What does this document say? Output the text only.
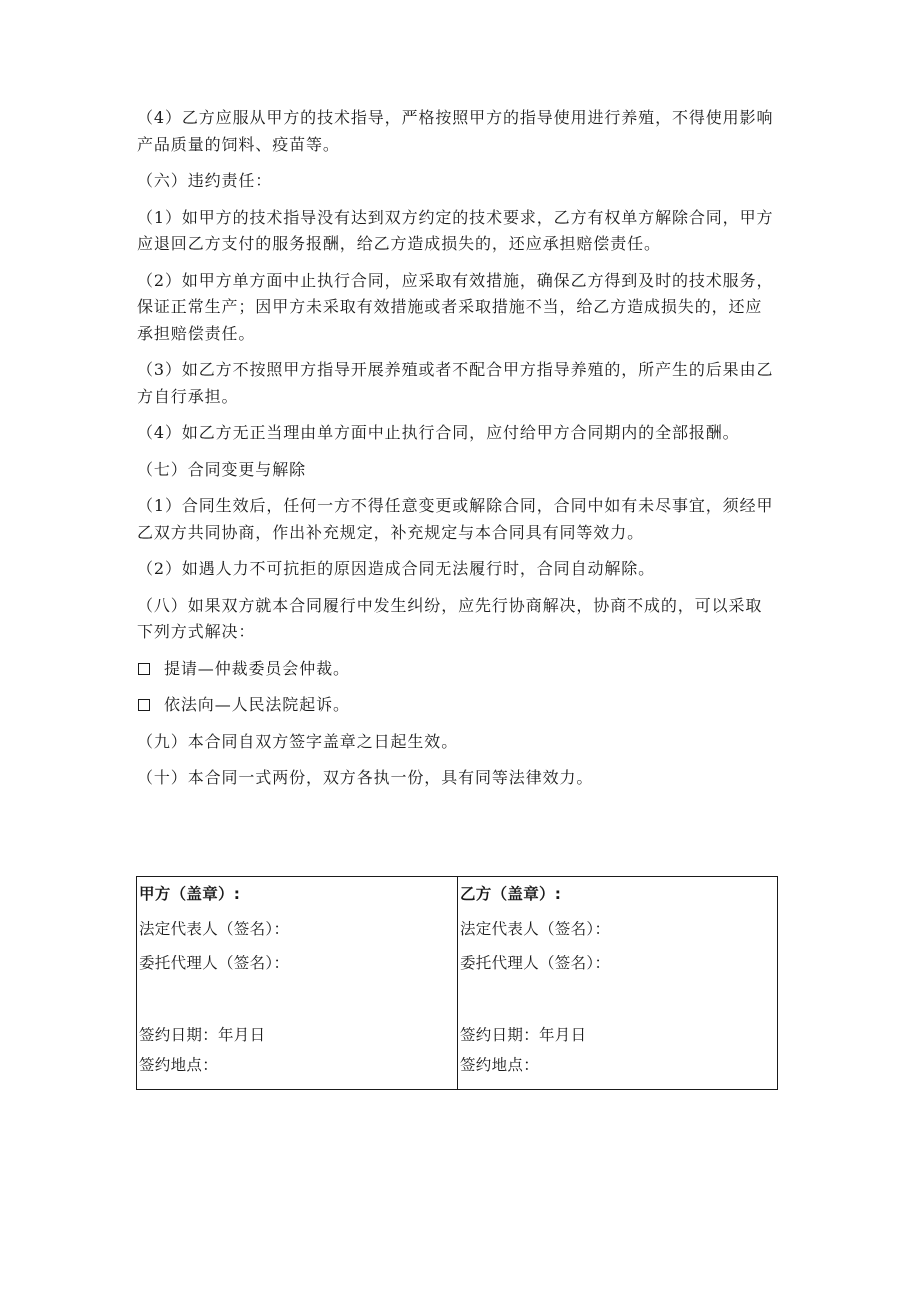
（4）乙方应服从甲方的技术指导，严格按照甲方的指导使用进行养殖，不得使用影响
产品质量的饲料、疫苗等。

（六）违约责任：

（1）如甲方的技术指导没有达到双方约定的技术要求，乙方有权单方解除合同，甲方
应退回乙方支付的服务报酬，给乙方造成损失的，还应承担赔偿责任。

（2）如甲方单方面中止执行合同，应采取有效措施，确保乙方得到及时的技术服务，
保证正常生产；因甲方未采取有效措施或者采取措施不当，给乙方造成损失的，还应
承担赔偿责任。

（3）如乙方不按照甲方指导开展养殖或者不配合甲方指导养殖的，所产生的后果由乙
方自行承担。

（4）如乙方无正当理由单方面中止执行合同，应付给甲方合同期内的全部报酬。

（七）合同变更与解除

（1）合同生效后，任何一方不得任意变更或解除合同，合同中如有未尽事宜，须经甲
乙双方共同协商，作出补充规定，补充规定与本合同具有同等效力。

（2）如遇人力不可抗拒的原因造成合同无法履行时，合同自动解除。

（八）如果双方就本合同履行中发生纠纷，应先行协商解决，协商不成的，可以采取
下列方式解决：

提请—仲裁委员会仲裁。

依法向—人民法院起诉。

（九）本合同自双方签字盖章之日起生效。

（十）本合同一式两份，双方各执一份，具有同等法律效力。

甲方（盖章）:
法定代表人（签名）：
委托代理人（签名）：
签约日期：年月日
签约地点：
乙方（盖章）:
法定代表人（签名）：
委托代理人（签名）：
签约日期：年月日
签约地点：
